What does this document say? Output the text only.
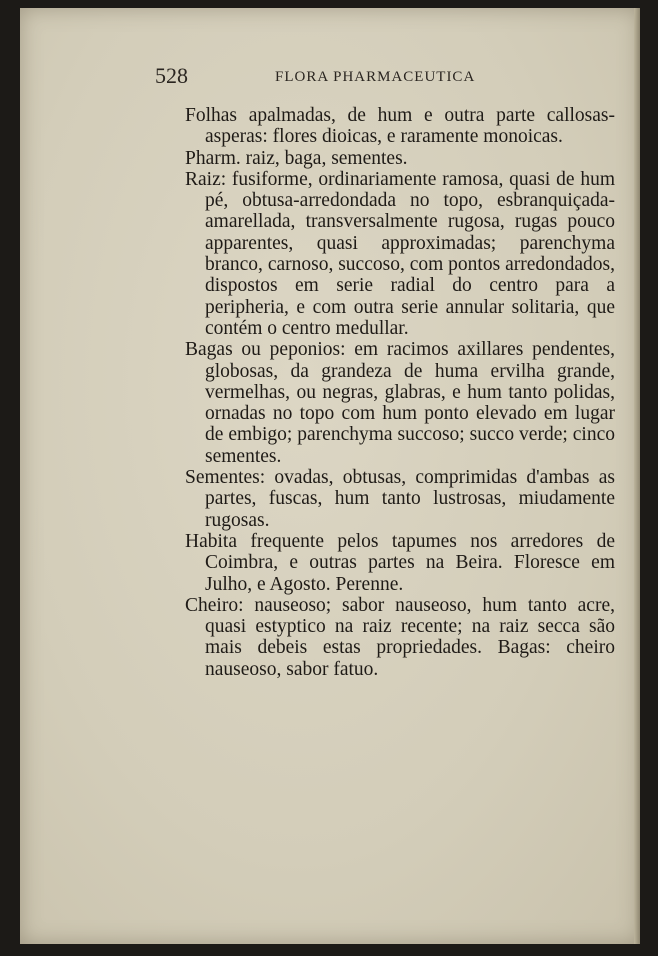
528	FLORA PHARMACEUTICA

Folhas apalmadas, de hum e outra parte callosas-asperas: flores dioicas, e raramente monoicas.

Pharm. raiz, baga, sementes.

Raiz: fusiforme, ordinariamente ramosa, quasi de hum pé, obtusa-arredondada no topo, esbranquiçada-amarellada, transversalmente rugosa, rugas pouco apparentes, quasi approximadas; parenchyma branco, carnoso, succoso, com pontos arredondados, dispostos em serie radial do centro para a peripheria, e com outra serie annular solitaria, que contém o centro medullar.

Bagas ou peponios: em racimos axillares pendentes, globosas, da grandeza de huma ervilha grande, vermelhas, ou negras, glabras, e hum tanto polidas, ornadas no topo com hum ponto elevado em lugar de embigo; parenchyma succoso; succo verde; cinco sementes.

Sementes: ovadas, obtusas, comprimidas d'ambas as partes, fuscas, hum tanto lustrosas, miudamente rugosas.

Habita frequente pelos tapumes nos arredores de Coimbra, e outras partes na Beira. Floresce em Julho, e Agosto. Perenne.

Cheiro: nauseoso; sabor nauseoso, hum tanto acre, quasi estyptico na raiz recente; na raiz secca são mais debeis estas propriedades. Bagas: cheiro nauseoso, sabor fatuo.
